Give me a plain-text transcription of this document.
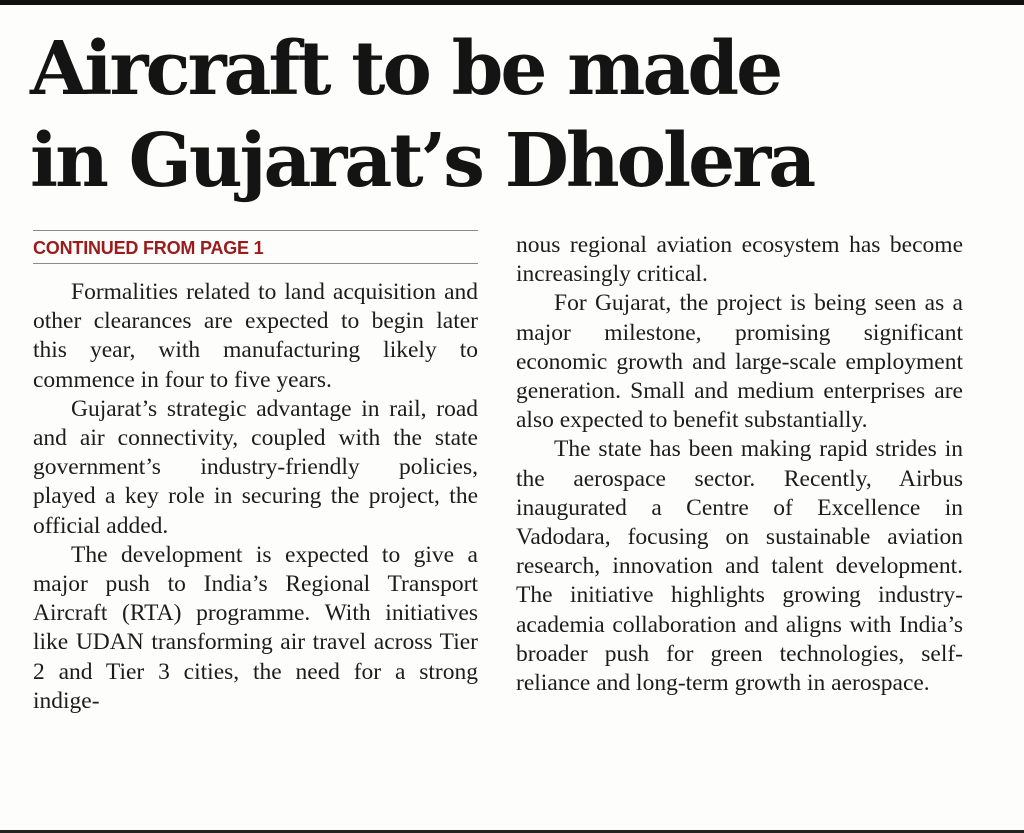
Aircraft to be made
in Gujarat’s Dholera
CONTINUED FROM PAGE 1

Formalities related to land acquisition and other clearances are expected to begin later this year, with manufacturing likely to commence in four to five years.

Gujarat’s strategic advantage in rail, road and air connectivity, coupled with the state government’s industry-friendly policies, played a key role in securing the project, the official added.

The development is expected to give a major push to India’s Regional Transport Aircraft (RTA) programme. With initiatives like UDAN transforming air travel across Tier 2 and Tier 3 cities, the need for a strong indige-

nous regional aviation ecosystem has become increasingly critical.

For Gujarat, the project is being seen as a major milestone, promising significant economic growth and large-scale employment generation. Small and medium enterprises are also expected to benefit substantially.

The state has been making rapid strides in the aerospace sector. Recently, Airbus inaugurated a Centre of Excellence in Vadodara, focusing on sustainable aviation research, innovation and talent development. The initiative highlights growing industry-academia collaboration and aligns with India’s broader push for green technologies, self-reliance and long-term growth in aerospace.
